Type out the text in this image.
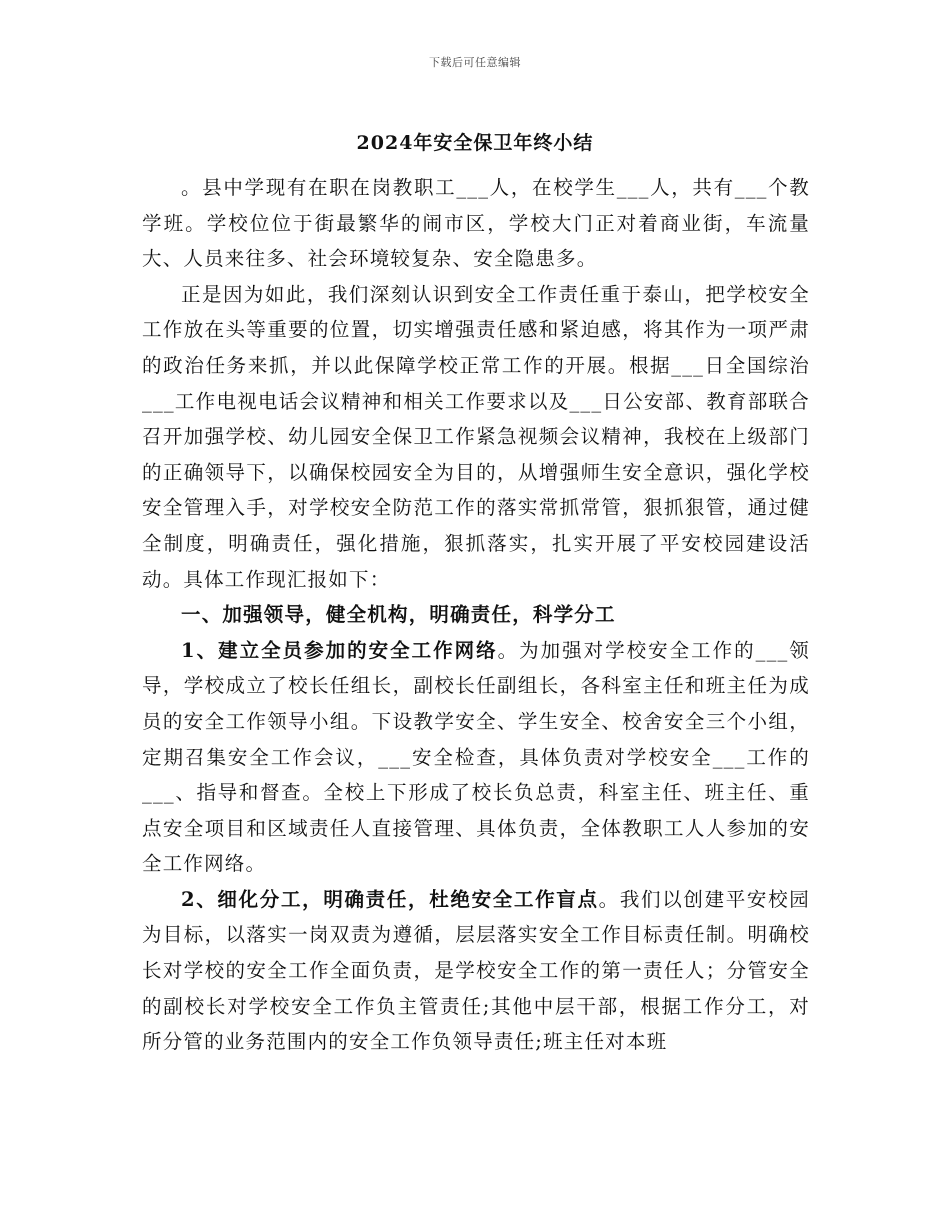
下载后可任意编辑
2024年安全保卫年终小结

。县中学现有在职在岗教职工___人，在校学生___人，共有___个教学班。学校位位于街最繁华的闹市区，学校大门正对着商业街，车流量大、人员来往多、社会环境较复杂、安全隐患多。

正是因为如此，我们深刻认识到安全工作责任重于泰山，把学校安全工作放在头等重要的位置，切实增强责任感和紧迫感，将其作为一项严肃的政治任务来抓，并以此保障学校正常工作的开展。根据___日全国综治___工作电视电话会议精神和相关工作要求以及___日公安部、教育部联合召开加强学校、幼儿园安全保卫工作紧急视频会议精神，我校在上级部门的正确领导下，以确保校园安全为目的，从增强师生安全意识，强化学校安全管理入手，对学校安全防范工作的落实常抓常管，狠抓狠管，通过健全制度，明确责任，强化措施，狠抓落实，扎实开展了平安校园建设活动。具体工作现汇报如下：

一、加强领导，健全机构，明确责任，科学分工

1、建立全员参加的安全工作网络。为加强对学校安全工作的___领导，学校成立了校长任组长，副校长任副组长，各科室主任和班主任为成员的安全工作领导小组。下设教学安全、学生安全、校舍安全三个小组，定期召集安全工作会议，___安全检查，具体负责对学校安全___工作的___、指导和督查。全校上下形成了校长负总责，科室主任、班主任、重点安全项目和区域责任人直接管理、具体负责，全体教职工人人参加的安全工作网络。

2、细化分工，明确责任，杜绝安全工作盲点。我们以创建平安校园为目标，以落实一岗双责为遵循，层层落实安全工作目标责任制。明确校长对学校的安全工作全面负责，是学校安全工作的第一责任人；分管安全的副校长对学校安全工作负主管责任;其他中层干部，根据工作分工，对所分管的业务范围内的安全工作负领导责任;班主任对本班
